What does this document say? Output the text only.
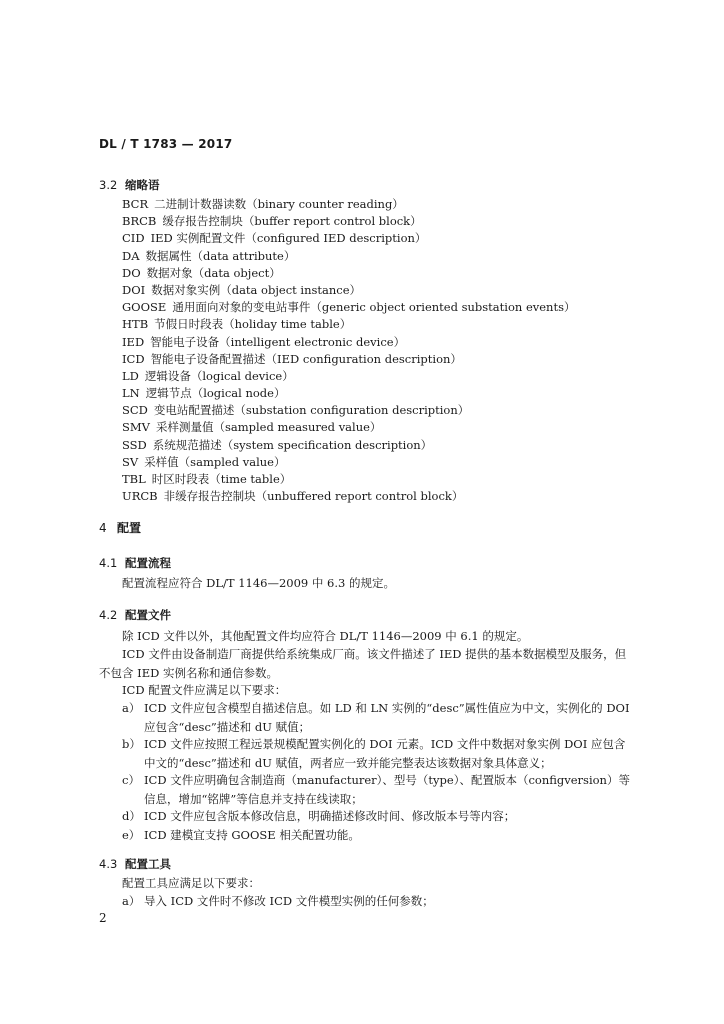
DL / T 1783 — 2017
3.2 缩略语
BCR 二进制计数器读数（binary counter reading）
BRCB 缓存报告控制块（buffer report control block）
CID IED 实例配置文件（configured IED description）
DA 数据属性（data attribute）
DO 数据对象（data object）
DOI 数据对象实例（data object instance）
GOOSE 通用面向对象的变电站事件（generic object oriented substation events）
HTB 节假日时段表（holiday time table）
IED 智能电子设备（intelligent electronic device）
ICD 智能电子设备配置描述（IED configuration description）
LD 逻辑设备（logical device）
LN 逻辑节点（logical node）
SCD 变电站配置描述（substation configuration description）
SMV 采样测量值（sampled measured value）
SSD 系统规范描述（system specification description）
SV 采样值（sampled value）
TBL 时区时段表（time table）
URCB 非缓存报告控制块（unbuffered report control block）
4 配置
4.1 配置流程
配置流程应符合 DL/T 1146—2009 中 6.3 的规定。
4.2 配置文件
除 ICD 文件以外，其他配置文件均应符合 DL/T 1146—2009 中 6.1 的规定。
ICD 文件由设备制造厂商提供给系统集成厂商。该文件描述了 IED 提供的基本数据模型及服务，但不包含 IED 实例名称和通信参数。
ICD 配置文件应满足以下要求：
a） ICD 文件应包含模型自描述信息。如 LD 和 LN 实例的“desc”属性值应为中文，实例化的 DOI 应包含“desc”描述和 dU 赋值；
b） ICD 文件应按照工程远景规模配置实例化的 DOI 元素。ICD 文件中数据对象实例 DOI 应包含中文的“desc”描述和 dU 赋值，两者应一致并能完整表达该数据对象具体意义；
c） ICD 文件应明确包含制造商（manufacturer）、型号（type）、配置版本（configversion）等信息，增加“铭牌”等信息并支持在线读取；
d） ICD 文件应包含版本修改信息，明确描述修改时间、修改版本号等内容；
e） ICD 建模宜支持 GOOSE 相关配置功能。
4.3 配置工具
配置工具应满足以下要求：
a） 导入 ICD 文件时不修改 ICD 文件模型实例的任何参数；
2
